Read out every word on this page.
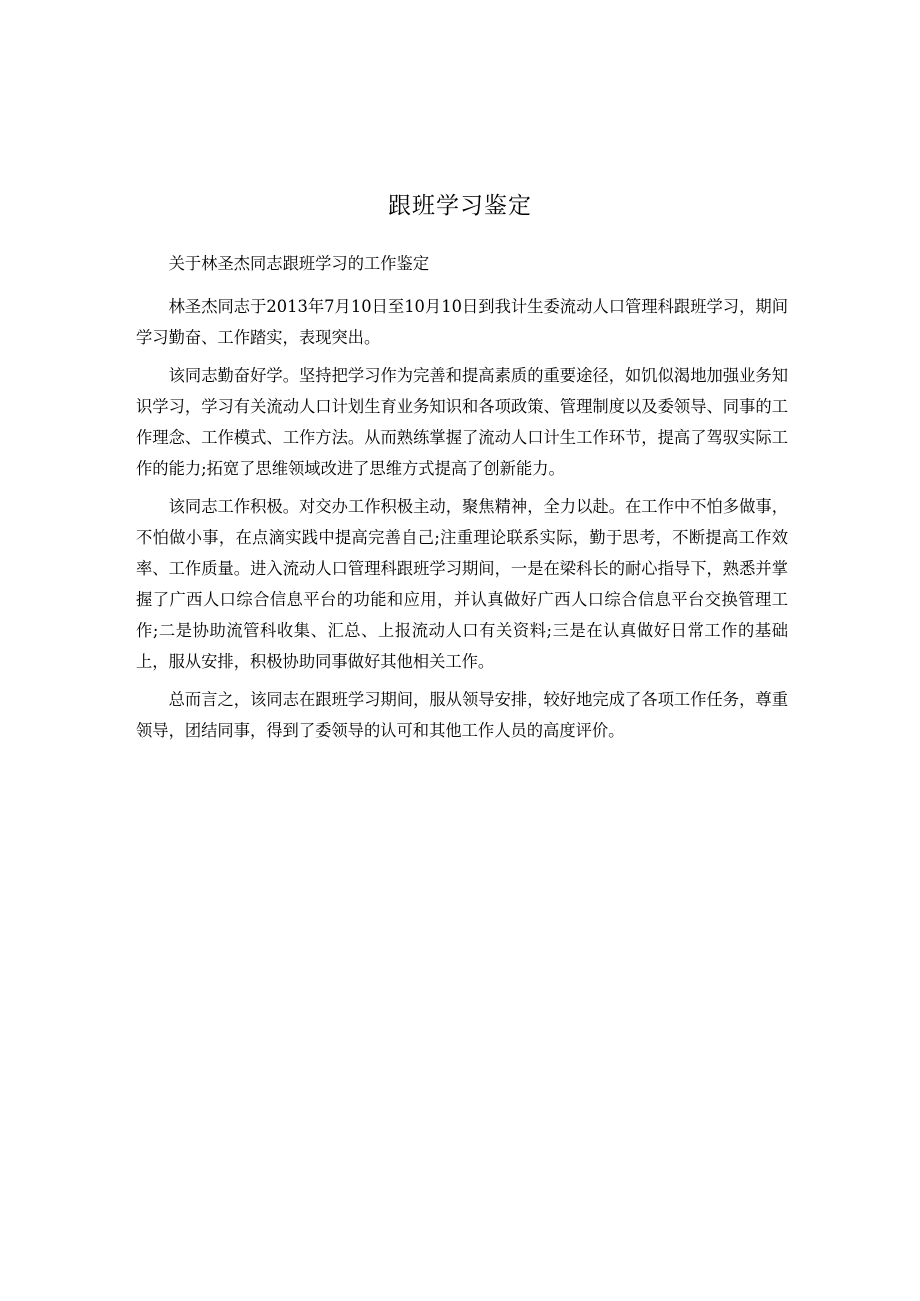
跟班学习鉴定

关于林圣杰同志跟班学习的工作鉴定

林圣杰同志于2013年7月10日至10月10日到我计生委流动人口管理科跟班学习，期间学习勤奋、工作踏实，表现突出。

该同志勤奋好学。坚持把学习作为完善和提高素质的重要途径，如饥似渴地加强业务知识学习，学习有关流动人口计划生育业务知识和各项政策、管理制度以及委领导、同事的工作理念、工作模式、工作方法。从而熟练掌握了流动人口计生工作环节，提高了驾驭实际工作的能力;拓宽了思维领域改进了思维方式提高了创新能力。

该同志工作积极。对交办工作积极主动，聚焦精神，全力以赴。在工作中不怕多做事，不怕做小事，在点滴实践中提高完善自己;注重理论联系实际，勤于思考，不断提高工作效率、工作质量。进入流动人口管理科跟班学习期间，一是在梁科长的耐心指导下，熟悉并掌握了广西人口综合信息平台的功能和应用，并认真做好广西人口综合信息平台交换管理工作;二是协助流管科收集、汇总、上报流动人口有关资料;三是在认真做好日常工作的基础上，服从安排，积极协助同事做好其他相关工作。

总而言之，该同志在跟班学习期间，服从领导安排，较好地完成了各项工作任务，尊重领导，团结同事，得到了委领导的认可和其他工作人员的高度评价。
